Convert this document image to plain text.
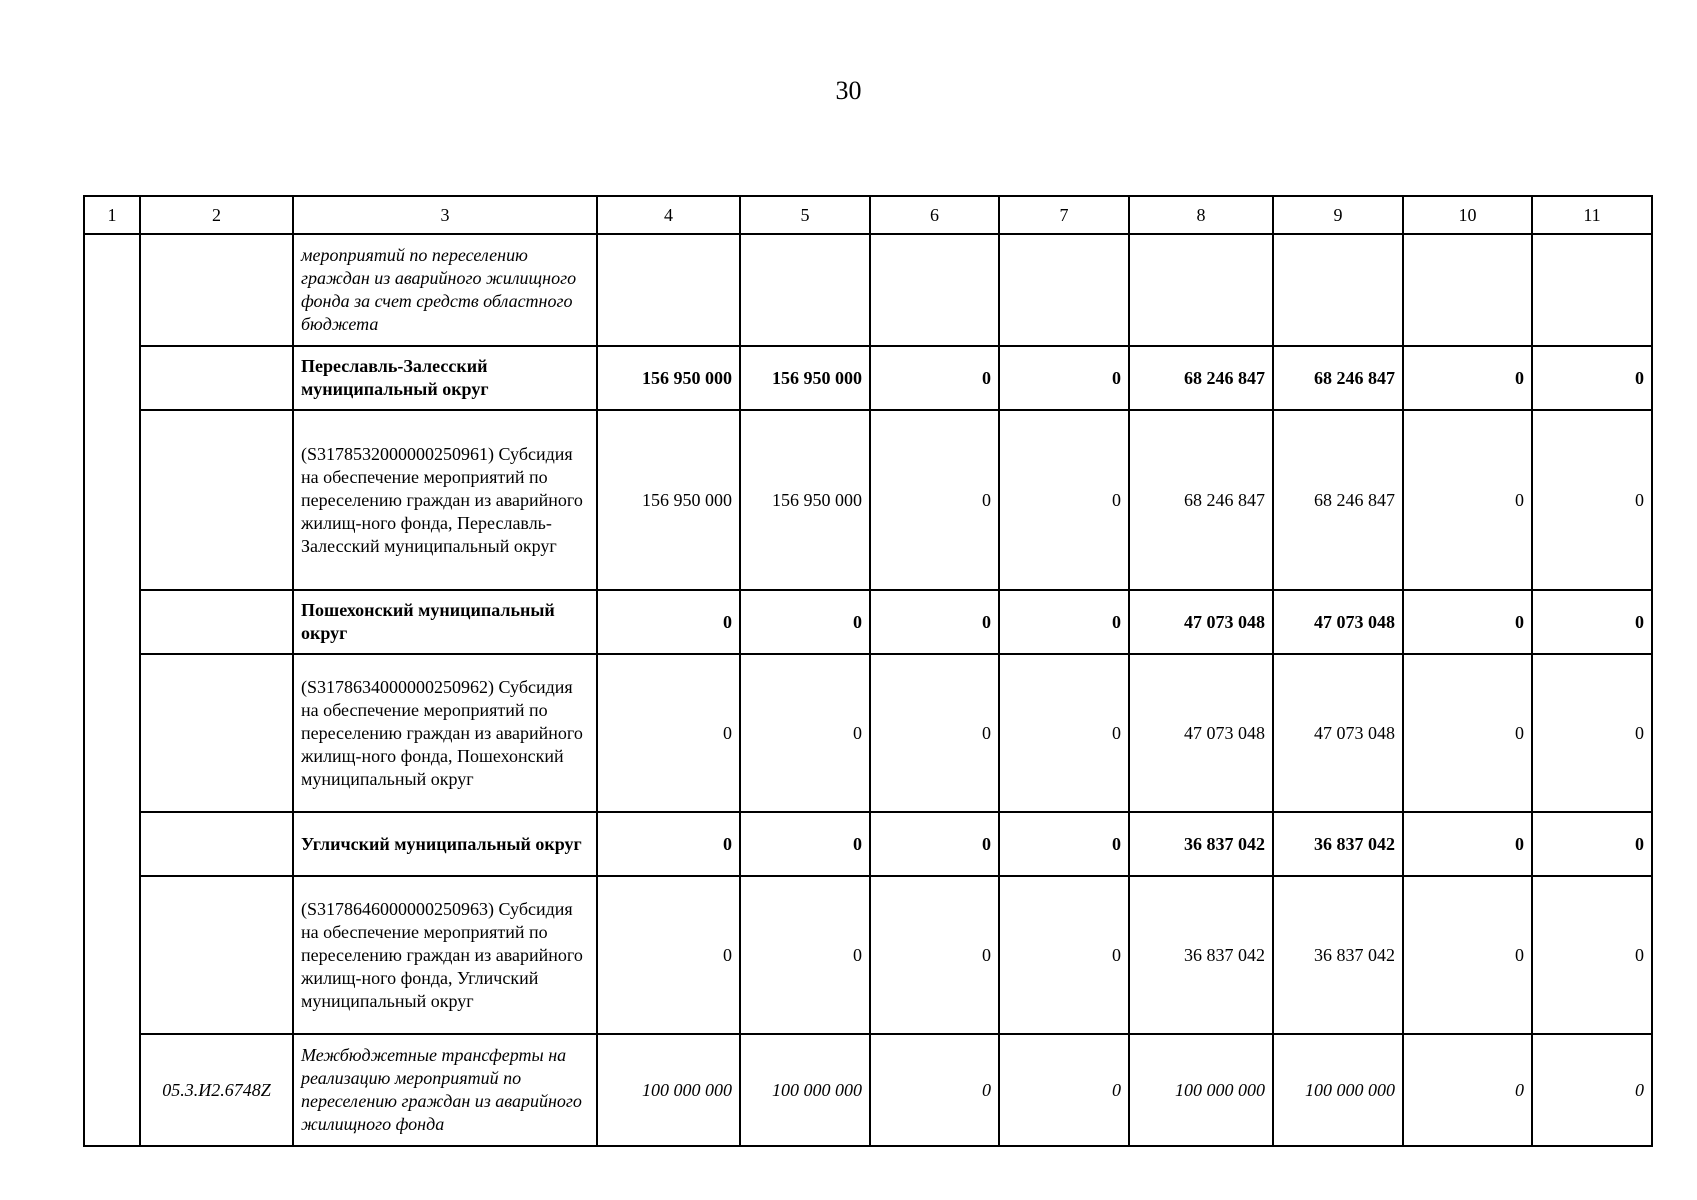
30
1	2	3	4	5	6	7	8	9	10	11
		мероприятий по переселению граждан из аварийного жилищного фонда за счет средств областного бюджета								
		Переславль-Залесский муниципальный округ	156 950 000	156 950 000	0	0	68 246 847	68 246 847	0	0
		(S3178532000000250961) Субсидия на обеспечение мероприятий по переселению граждан из аварийного жилищ-ного фонда, Переславль-Залесский муниципальный округ	156 950 000	156 950 000	0	0	68 246 847	68 246 847	0	0
		Пошехонский муниципальный округ	0	0	0	0	47 073 048	47 073 048	0	0
		(S3178634000000250962) Субсидия на обеспечение мероприятий по переселению граждан из аварийного жилищ-ного фонда, Пошехонский муниципальный округ	0	0	0	0	47 073 048	47 073 048	0	0
		Угличский муниципальный округ	0	0	0	0	36 837 042	36 837 042	0	0
		(S3178646000000250963) Субсидия на обеспечение мероприятий по переселению граждан из аварийного жилищ-ного фонда, Угличский муниципальный округ	0	0	0	0	36 837 042	36 837 042	0	0
	05.3.И2.6748Z	Межбюджетные трансферты на реализацию мероприятий по переселению граждан из аварийного жилищного фонда	100 000 000	100 000 000	0	0	100 000 000	100 000 000	0	0
